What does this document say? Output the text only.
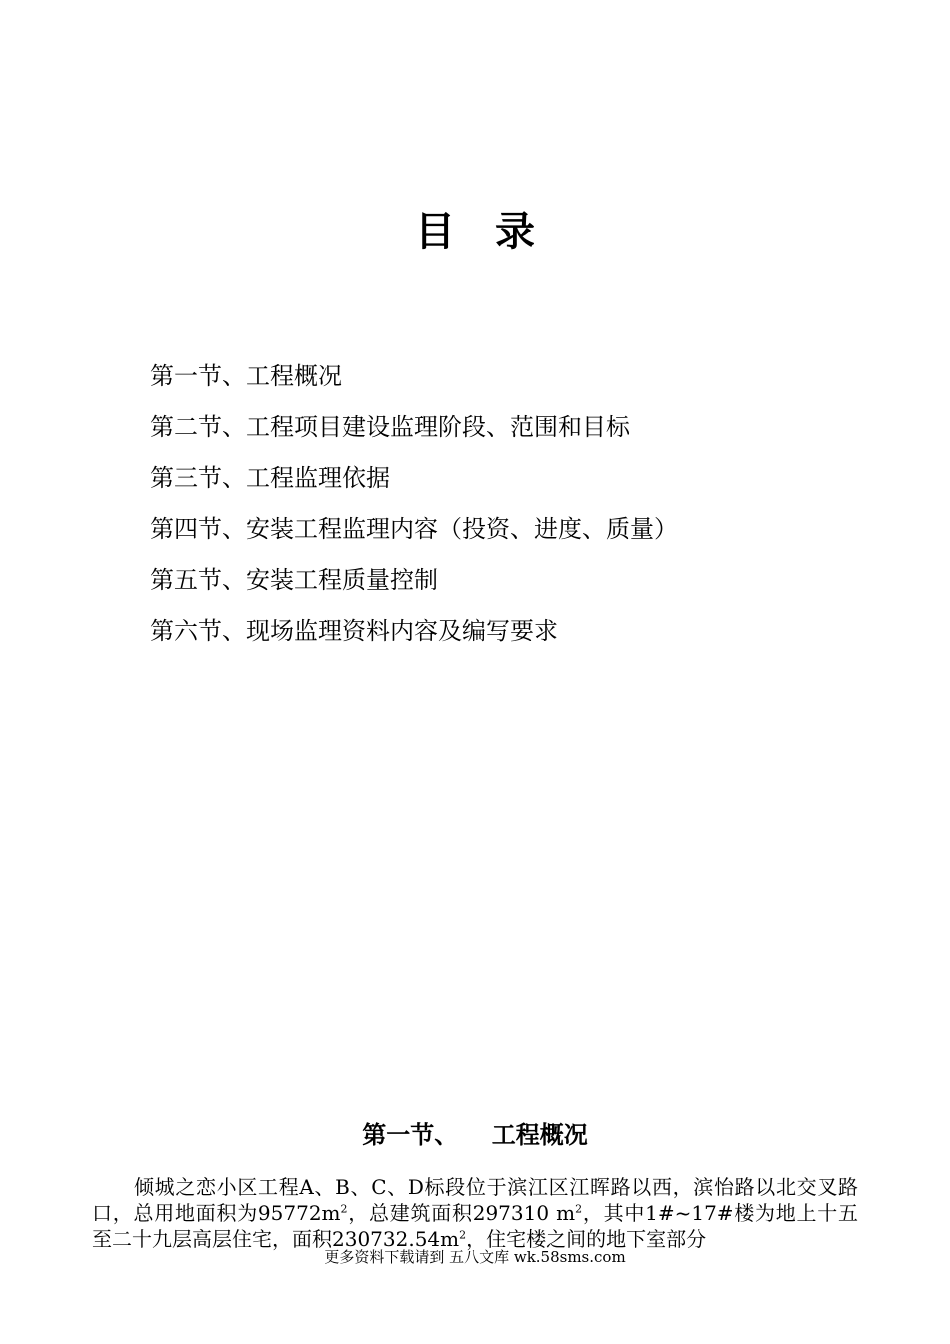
目录
第一节、工程概况
第二节、工程项目建设监理阶段、范围和目标
第三节、工程监理依据
第四节、安装工程监理内容（投资、进度、质量）
第五节、安装工程质量控制
第六节、现场监理资料内容及编写要求
第一节、    工程概况

倾城之恋小区工程A、B、C、D标段位于滨江区江晖路以西，滨怡路以北交叉路口，总用地面积为$95772m^2$，总建筑面积297310 $m^2$，其中1#~17#楼为地上十五至二十九层高层住宅，面积$230732.54m^2$，住宅楼之间的地下室部分

更多资料下载请到 五八文库 wk.58sms.com
